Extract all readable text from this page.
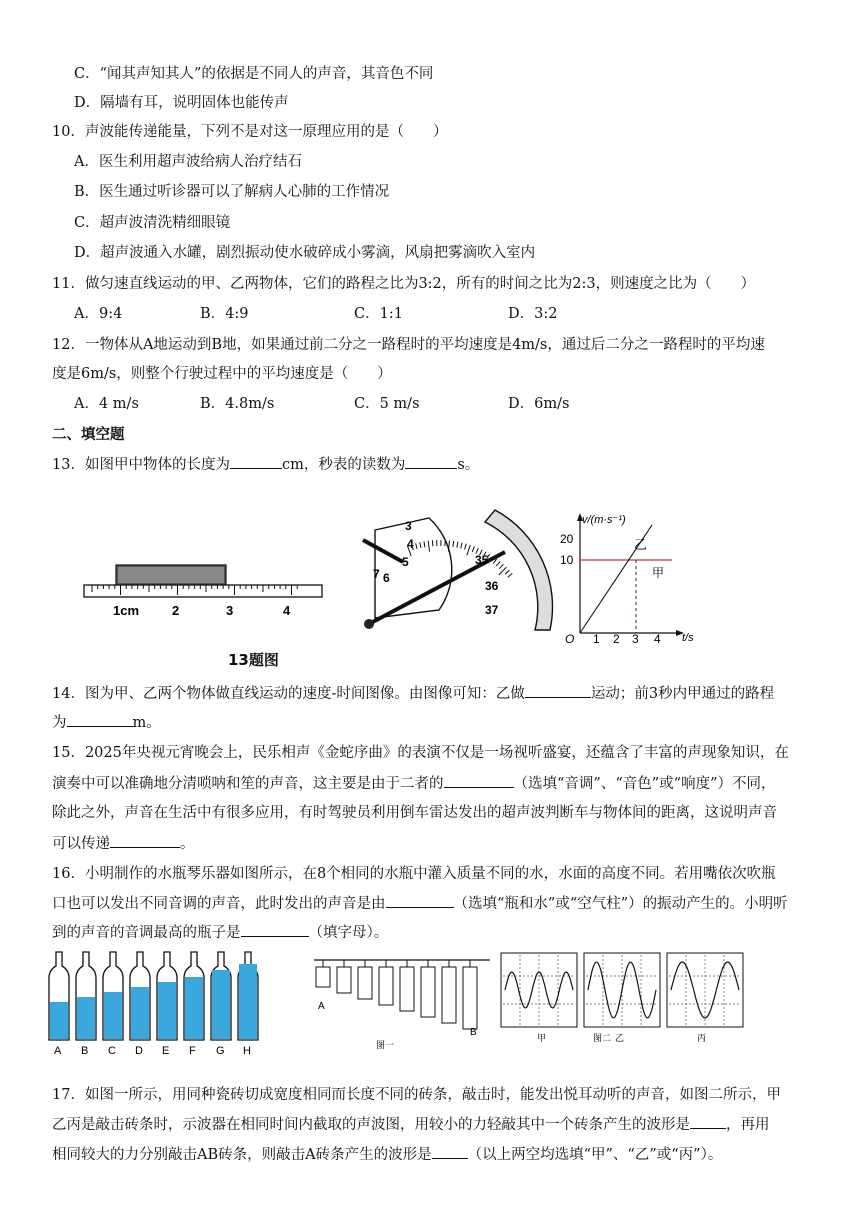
C．“闻其声知其人”的依据是不同人的声音，其音色不同
D．隔墙有耳，说明固体也能传声
10．声波能传递能量，下列不是对这一原理应用的是（　　）
A．医生利用超声波给病人治疗结石
B．医生通过听诊器可以了解病人心肺的工作情况
C．超声波清洗精细眼镜
D．超声波通入水罐，剧烈振动使水破碎成小雾滴，风扇把雾滴吹入室内
11．做匀速直线运动的甲、乙两物体，它们的路程之比为3:2，所有的时间之比为2:3，则速度之比为（　　）
A．9:4	B．4:9	C．1:1	D．3:2
12．一物体从A地运动到B地，如果通过前二分之一路程时的平均速度是4m/s，通过后二分之一路程时的平均速
度是6m/s，则整个行驶过程中的平均速度是（　　）
A．4 m/s	B．4.8m/s	C．5 m/s	D．6m/s
二、填空题
13．如图甲中物体的长度为	cm，秒表的读数为	s。
1cm	2	3	4
3
4
5
6
7
35
36
37
v/(m·s⁻¹)
t/s
10
20
O 1 2 3 4
乙
甲
13题图
14．图为甲、乙两个物体做直线运动的速度-时间图像。由图像可知：乙做	运动；前3秒内甲通过的路程
为	m。
15．2025年央视元宵晚会上，民乐相声《金蛇序曲》的表演不仅是一场视听盛宴，还蕴含了丰富的声现象知识，在
演奏中可以准确地分清唢呐和笙的声音，这主要是由于二者的	（选填“音调”、“音色”或“响度”）不同，
除此之外，声音在生活中有很多应用，有时驾驶员利用倒车雷达发出的超声波判断车与物体间的距离，这说明声音
可以传递	。
16．小明制作的水瓶琴乐器如图所示，在8个相同的水瓶中灌入质量不同的水，水面的高度不同。若用嘴依次吹瓶
口也可以发出不同音调的声音，此时发出的声音是由	（选填“瓶和水”或“空气柱”）的振动产生的。小明听
到的声音的音调最高的瓶子是	（填字母）。
A B C D E F G H
A
B
图一
甲	乙	丙
图二
17．如图一所示，用同种瓷砖切成宽度相同而长度不同的砖条，敲击时，能发出悦耳动听的声音，如图二所示，甲
乙丙是敲击砖条时，示波器在相同时间内截取的声波图，用较小的力轻敲其中一个砖条产生的波形是 ，再用
相同较大的力分别敲击AB砖条，则敲击A砖条产生的波形是 （以上两空均选填“甲”、“乙”或“丙”）。
